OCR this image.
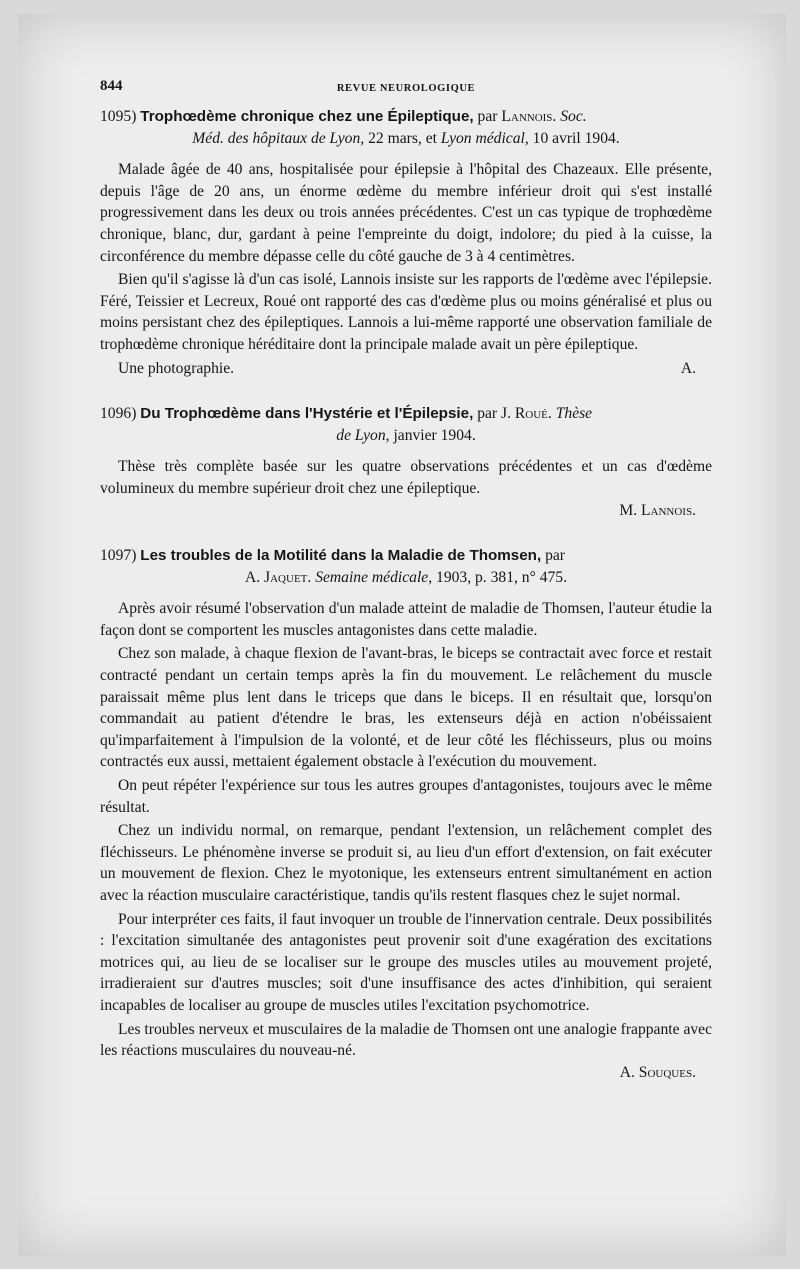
844	REVUE NEUROLOGIQUE
1095) Trophœdème chronique chez une Épileptique, par Lannois. Soc.
Méd. des hôpitaux de Lyon, 22 mars, et Lyon médical, 10 avril 1904.

Malade âgée de 40 ans, hospitalisée pour épilepsie à l'hôpital des Chazeaux. Elle présente, depuis l'âge de 20 ans, un énorme œdème du membre inférieur droit qui s'est installé progressivement dans les deux ou trois années précédentes. C'est un cas typique de trophœdème chronique, blanc, dur, gardant à peine l'empreinte du doigt, indolore; du pied à la cuisse, la circonférence du membre dépasse celle du côté gauche de 3 à 4 centimètres.

Bien qu'il s'agisse là d'un cas isolé, Lannois insiste sur les rapports de l'œdème avec l'épilepsie. Féré, Teissier et Lecreux, Roué ont rapporté des cas d'œdème plus ou moins généralisé et plus ou moins persistant chez des épileptiques. Lannois a lui-même rapporté une observation familiale de trophœdème chronique héréditaire dont la principale malade avait un père épileptique.

Une photographie.	A.

1096) Du Trophœdème dans l'Hystérie et l'Épilepsie, par J. Roué. Thèse
de Lyon, janvier 1904.

Thèse très complète basée sur les quatre observations précédentes et un cas d'œdème volumineux du membre supérieur droit chez une épileptique.

M. Lannois.
1097) Les troubles de la Motilité dans la Maladie de Thomsen, par
A. Jaquet. Semaine médicale, 1903, p. 381, n° 475.

Après avoir résumé l'observation d'un malade atteint de maladie de Thomsen, l'auteur étudie la façon dont se comportent les muscles antagonistes dans cette maladie.

Chez son malade, à chaque flexion de l'avant-bras, le biceps se contractait avec force et restait contracté pendant un certain temps après la fin du mouvement. Le relâchement du muscle paraissait même plus lent dans le triceps que dans le biceps. Il en résultait que, lorsqu'on commandait au patient d'étendre le bras, les extenseurs déjà en action n'obéissaient qu'imparfaitement à l'impulsion de la volonté, et de leur côté les fléchisseurs, plus ou moins contractés eux aussi, mettaient également obstacle à l'exécution du mouvement.

On peut répéter l'expérience sur tous les autres groupes d'antagonistes, toujours avec le même résultat.

Chez un individu normal, on remarque, pendant l'extension, un relâchement complet des fléchisseurs. Le phénomène inverse se produit si, au lieu d'un effort d'extension, on fait exécuter un mouvement de flexion. Chez le myotonique, les extenseurs entrent simultanément en action avec la réaction musculaire caractéristique, tandis qu'ils restent flasques chez le sujet normal.

Pour interpréter ces faits, il faut invoquer un trouble de l'innervation centrale. Deux possibilités : l'excitation simultanée des antagonistes peut provenir soit d'une exagération des excitations motrices qui, au lieu de se localiser sur le groupe des muscles utiles au mouvement projeté, irradieraient sur d'autres muscles; soit d'une insuffisance des actes d'inhibition, qui seraient incapables de localiser au groupe de muscles utiles l'excitation psychomotrice.

Les troubles nerveux et musculaires de la maladie de Thomsen ont une analogie frappante avec les réactions musculaires du nouveau-né.

A. Souques.
